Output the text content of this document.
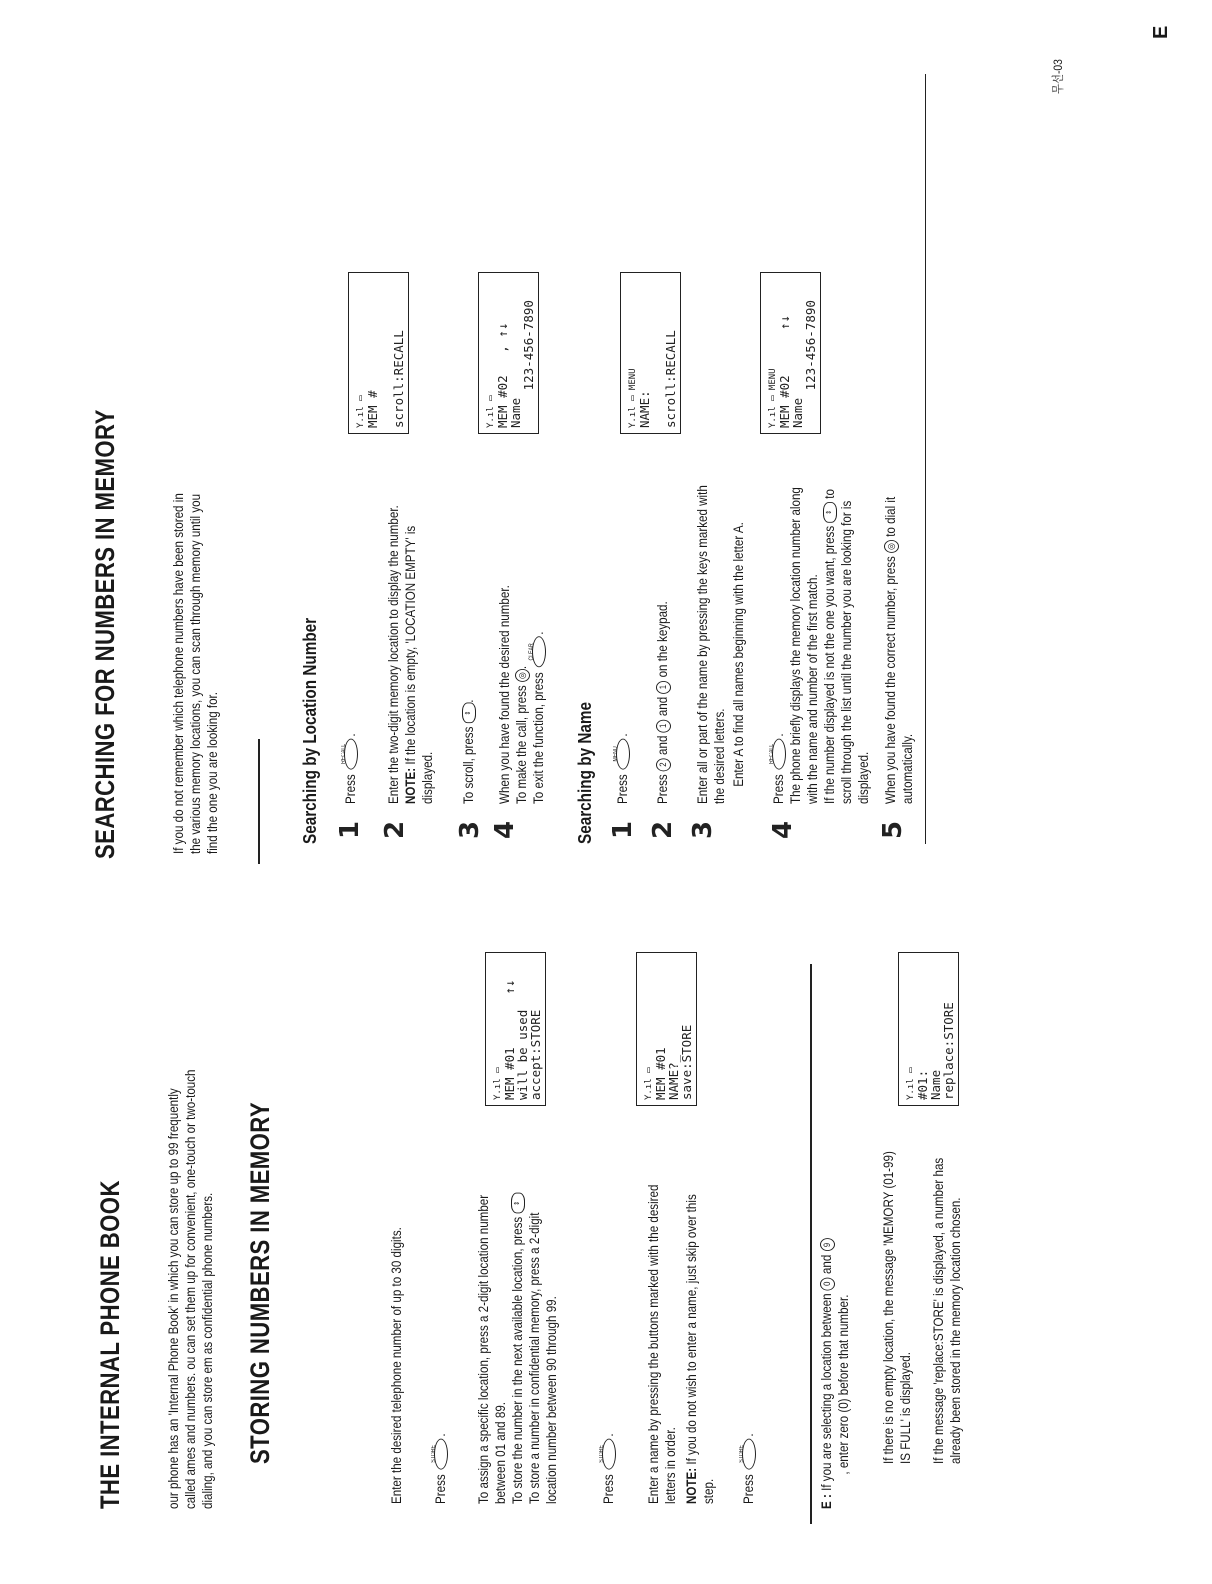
THE INTERNAL PHONE BOOK	our phone has an 'Internal Phone Book' in which you can store up to 99 frequently called ames and numbers. ou can set them up for convenient, one-touch or two-touch dialing, and you can store em as confidential phone numbers. STORING NUMBERS IN MEMORY	Enter the desired telephone number of up to 30 digits. Press
STORE
. To assign a specific location, press a 2-digit location number between 01 and 89. To store the number in the next available location, press ⇕
To store a number in confidential memory, press a 2-digit location number between 90 through 99.	Press
STORE
. Enter a name by pressing the buttons marked with the desired letters in order. NOTE: If you do not wish to enter a name, just skip over this step. Press
STORE
.
Y.ıl ▭
MEM #01       ↑↓
will be used
accept:STORE	Y.ıl ▭
MEM #01
NAME?_
save:STORE
E : If you are selecting a location between 0 and 9
, enter zero (0) before that number. If there is no empty location, the message 'MEMORY (01-99) IS FULL' is displayed. If the message 'replace:STORE' is displayed, a number has already been stored in the memory location chosen.
Y.ıl ▭
#01:
Name
replace:STORE
SEARCHING FOR NUMBERS IN MEMORY	If you do not remember which telephone numbers have been stored in the various memory locations, you can scan through memory until you find the one you are looking for.	Searching by Location Number 1
Press
RECALL
.
2
Enter the two-digit memory location to display the number. NOTE: If the location is empty, 'LOCATION EMPTY' is displayed.
3
To scroll, press ⇕.
4
When you have found the desired number. To make the call, press ◎.
To exit the function, press
CLEAR
.
Y.ıl ▭
MEM # scroll:RECALL	Y.ıl ▭
MEM #02   , ↑↓
Name
123-456-7890
Searching by Name 1
Press
MENU
.
2
Press 2 and 1 and 1 on the keypad.
3
Enter all or part of the name by pressing the keys marked with the desired letters. Enter A to find all names beginning with the letter A.
4
Press
RECALL
. The phone briefly displays the memory location number along with the name and number of the first match. If the number displayed is not the one you want, press ⇕ to scroll through the list until the number you are looking for is displayed.
5
When you have found the correct number, press ◎ to dial it automatically.
Y.ıl ▭ MENU
NAME: scroll:RECALL	Y.ıl ▭ MENU
MEM #02      ↑↓
Name
123-456-7890
무선-03
E
